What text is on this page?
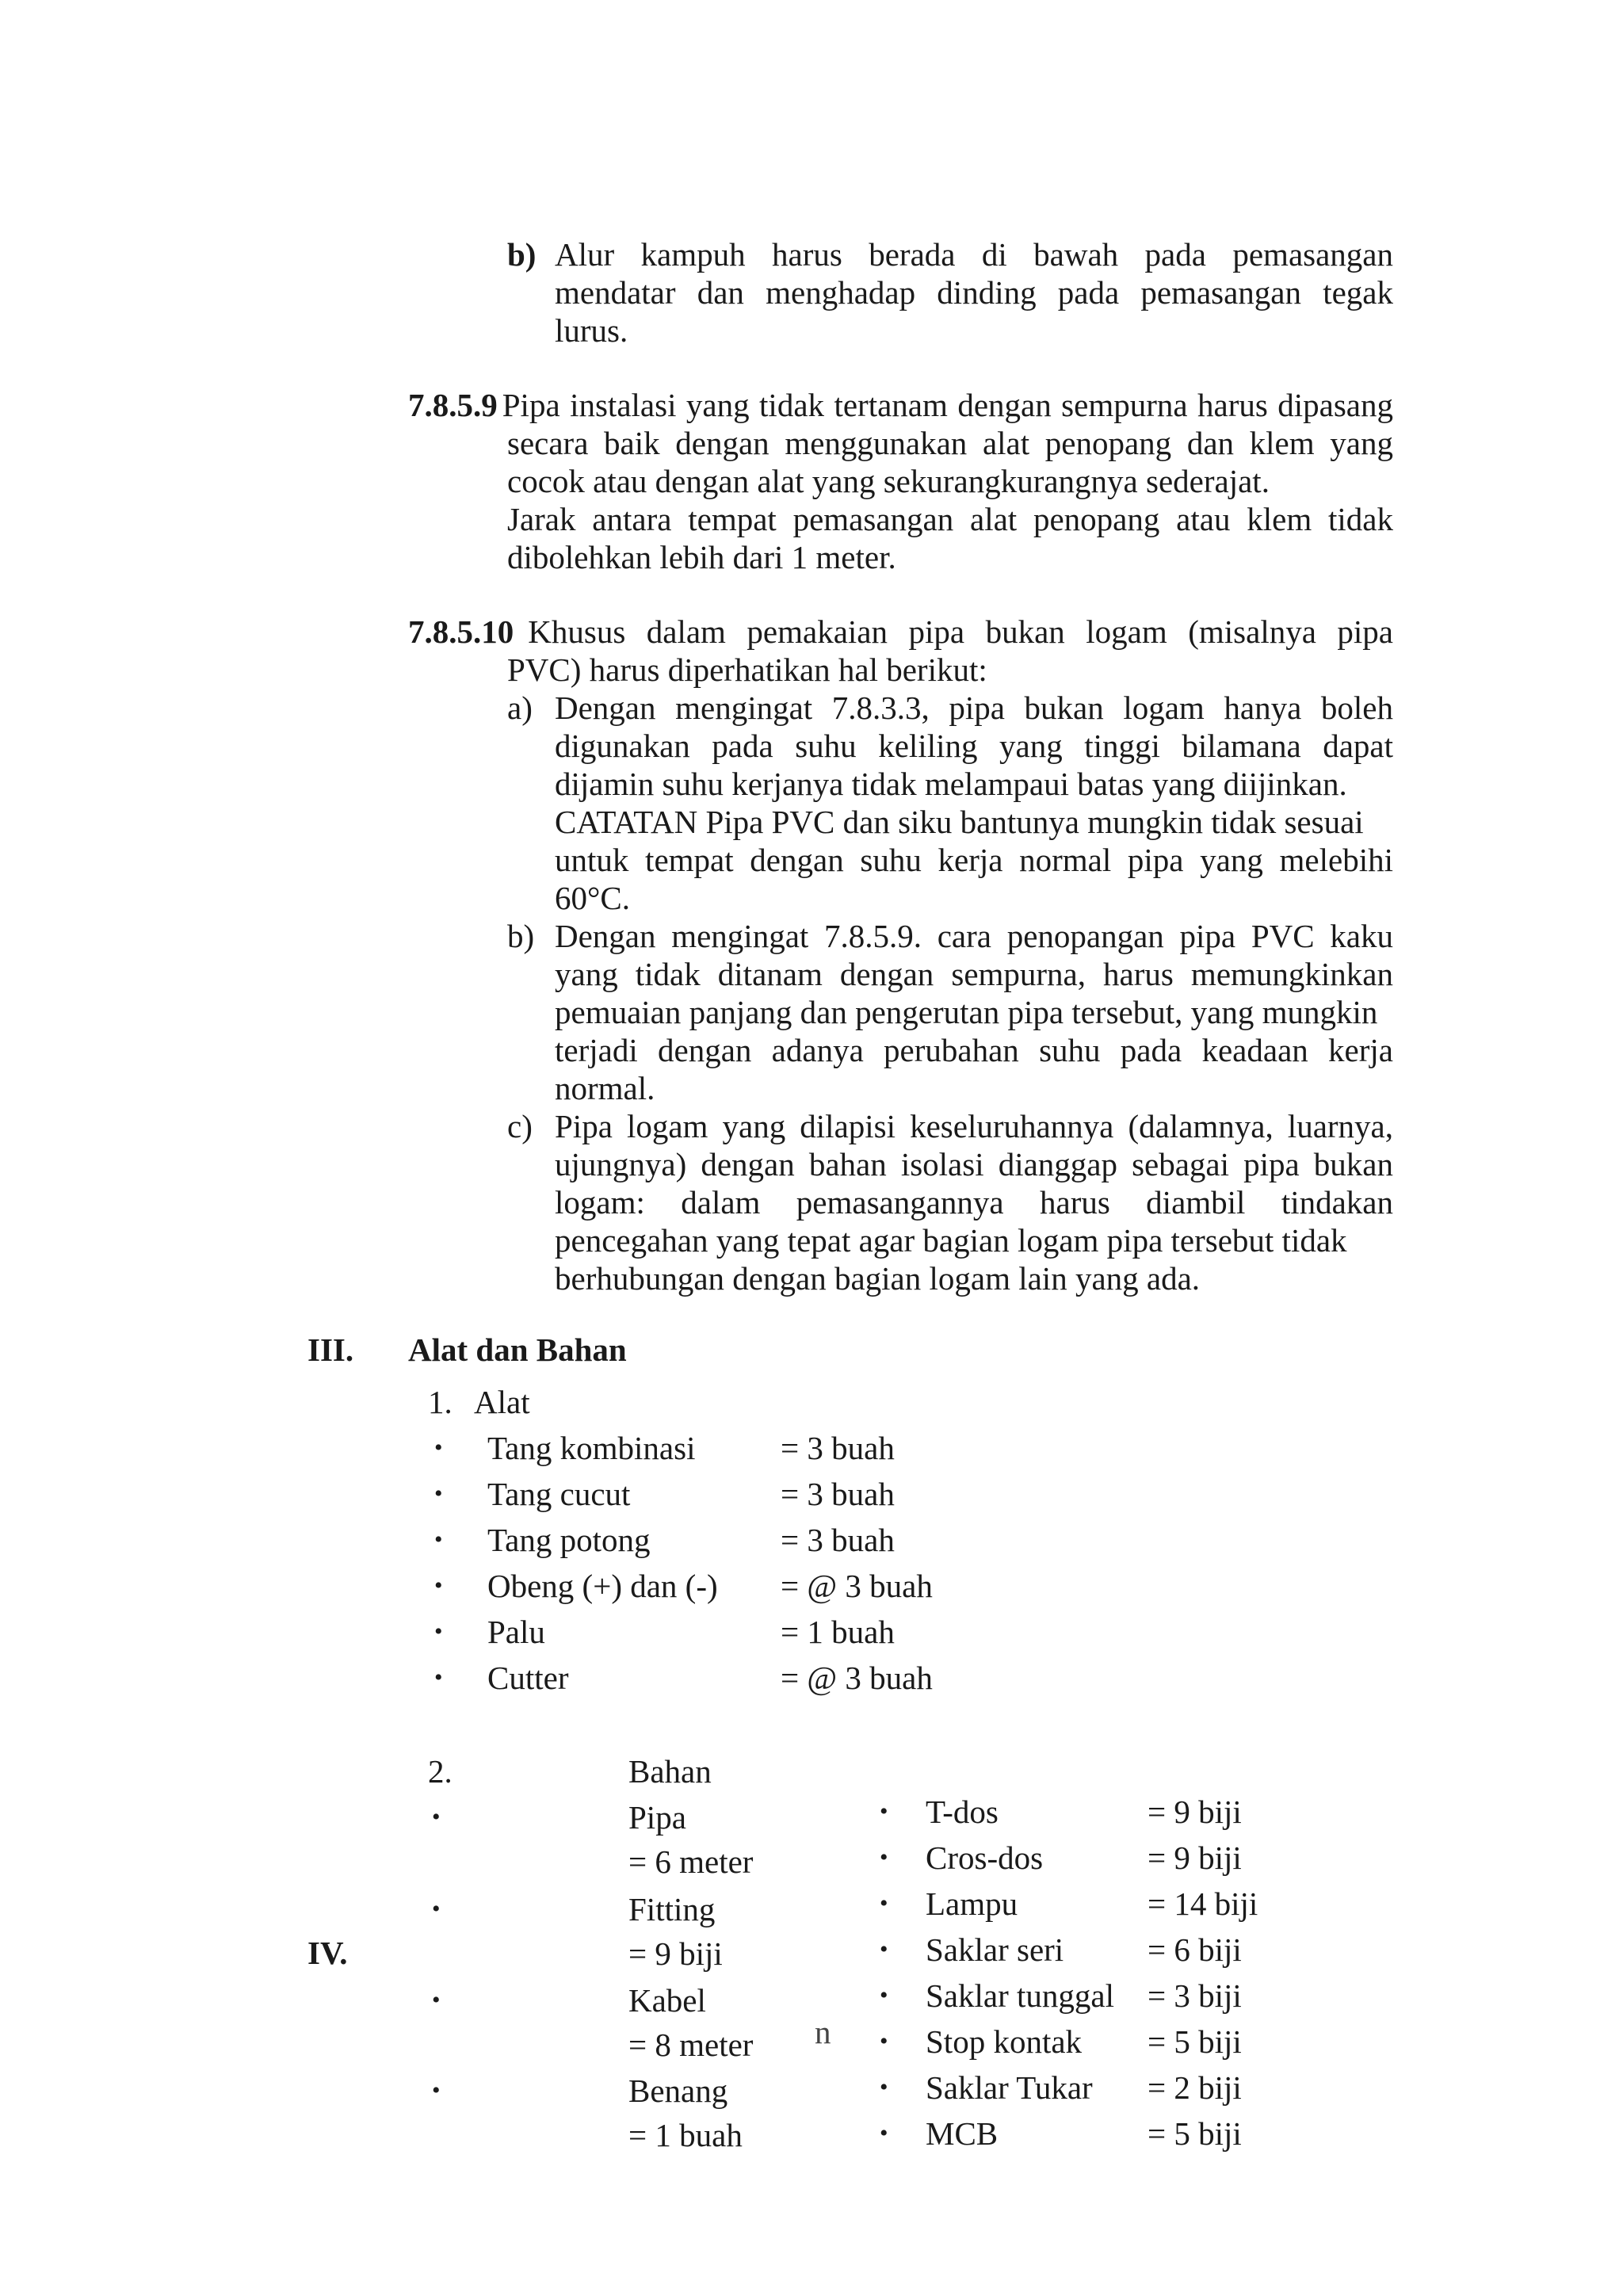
b) Alur kampuh harus berada di bawah pada pemasangan
mendatar dan menghadap dinding pada pemasangan tegak
lurus.
7.8.5.9 Pipa instalasi yang tidak tertanam dengan sempurna harus dipasang
secara baik dengan menggunakan alat penopang dan klem yang
cocok atau dengan alat yang sekurangkurangnya sederajat.
Jarak antara tempat pemasangan alat penopang atau klem tidak
dibolehkan lebih dari 1 meter.
7.8.5.10 Khusus dalam pemakaian pipa bukan logam (misalnya pipa
PVC) harus diperhatikan hal berikut:
a) Dengan mengingat 7.8.3.3, pipa bukan logam hanya boleh
digunakan pada suhu keliling yang tinggi bilamana dapat
dijamin suhu kerjanya tidak melampaui batas yang diijinkan.
CATATAN Pipa PVC dan siku bantunya mungkin tidak sesuai
untuk tempat dengan suhu kerja normal pipa yang melebihi
60°C.
b) Dengan mengingat 7.8.5.9. cara penopangan pipa PVC kaku
yang tidak ditanam dengan sempurna, harus memungkinkan
pemuaian panjang dan pengerutan pipa tersebut, yang mungkin
terjadi dengan adanya perubahan suhu pada keadaan kerja
normal.
c) Pipa logam yang dilapisi keseluruhannya (dalamnya, luarnya,
ujungnya) dengan bahan isolasi dianggap sebagai pipa bukan
logam: dalam pemasangannya harus diambil tindakan
pencegahan yang tepat agar bagian logam pipa tersebut tidak
berhubungan dengan bagian logam lain yang ada.
III. Alat dan Bahan
1. Alat
• Tang kombinasi	= 3 buah
• Tang cucut	= 3 buah
• Tang potong	= 3 buah
• Obeng (+) dan (-) = @ 3 buah
• Palu	= 1 buah
• Cutter	= @ 3 buah
2.	Bahan
•	Pipa
= 6 meter
•	Fitting
= 9 biji
•	Kabel
= 8 meter
•	Benang
= 1 buah

n
• T-dos	= 9 biji
• Cros-dos	= 9 biji
• Lampu	= 14 biji
• Saklar seri	= 6 biji
• Saklar tunggal = 3 biji
• Stop kontak = 5 biji
• Saklar Tukar = 2 biji
• MCB	= 5 biji
IV.
